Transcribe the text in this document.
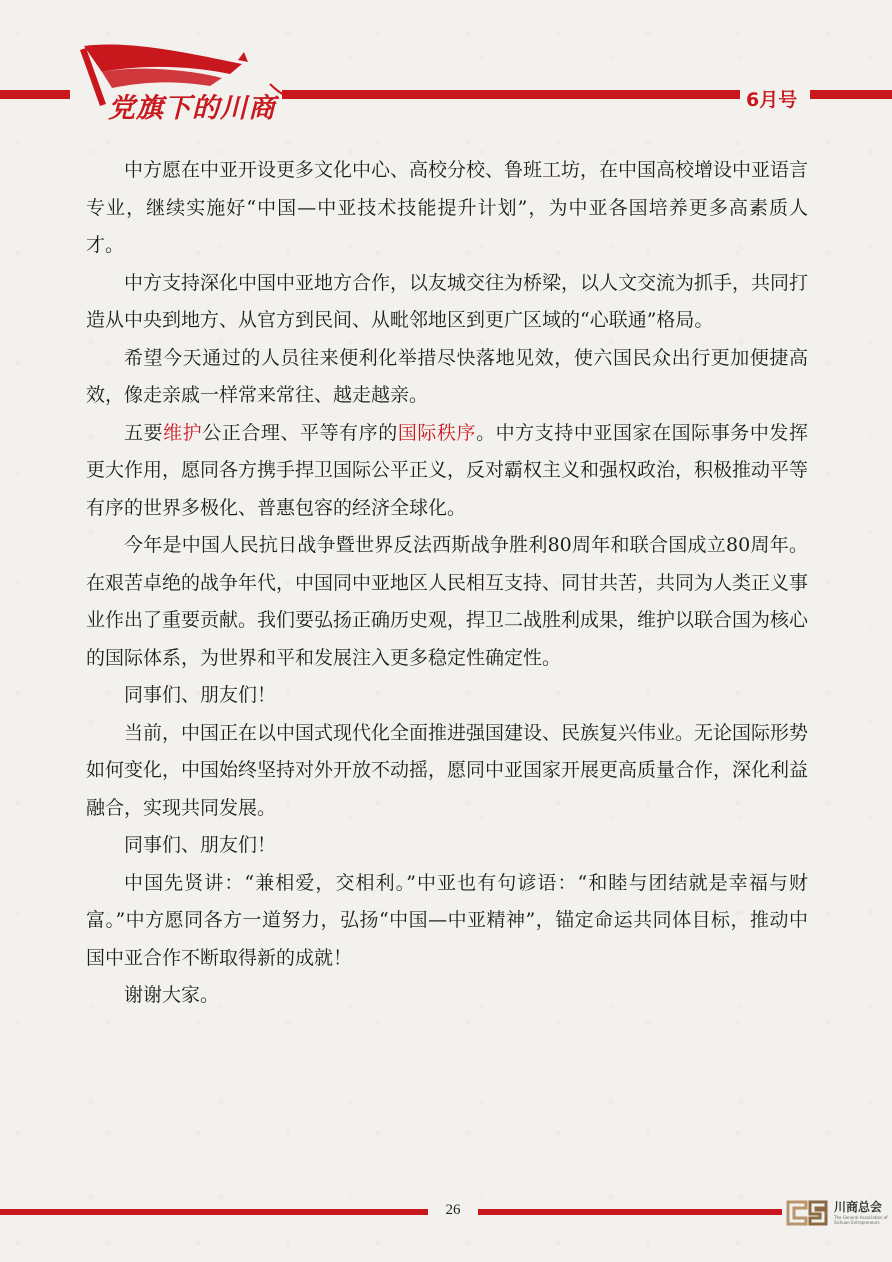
党旗下的川商	6月号

中方愿在中亚开设更多文化中心、高校分校、鲁班工坊，在中国高校增设中亚语言专业，继续实施好“中国—中亚技术技能提升计划”，为中亚各国培养更多高素质人才。

中方支持深化中国中亚地方合作，以友城交往为桥梁，以人文交流为抓手，共同打造从中央到地方、从官方到民间、从毗邻地区到更广区域的“心联通”格局。

希望今天通过的人员往来便利化举措尽快落地见效，使六国民众出行更加便捷高效，像走亲戚一样常来常往、越走越亲。

五要维护公正合理、平等有序的国际秩序。中方支持中亚国家在国际事务中发挥更大作用，愿同各方携手捍卫国际公平正义，反对霸权主义和强权政治，积极推动平等有序的世界多极化、普惠包容的经济全球化。

今年是中国人民抗日战争暨世界反法西斯战争胜利80周年和联合国成立80周年。在艰苦卓绝的战争年代，中国同中亚地区人民相互支持、同甘共苦，共同为人类正义事业作出了重要贡献。我们要弘扬正确历史观，捍卫二战胜利成果，维护以联合国为核心的国际体系，为世界和平和发展注入更多稳定性确定性。

同事们、朋友们！

当前，中国正在以中国式现代化全面推进强国建设、民族复兴伟业。无论国际形势如何变化，中国始终坚持对外开放不动摇，愿同中亚国家开展更高质量合作，深化利益融合，实现共同发展。

同事们、朋友们！

中国先贤讲：“兼相爱，交相利。”中亚也有句谚语：“和睦与团结就是幸福与财富。”中方愿同各方一道努力，弘扬“中国—中亚精神”，锚定命运共同体目标，推动中国中亚合作不断取得新的成就！

谢谢大家。

26	川商总会
The General Association of Sichuan Entrepreneurs
